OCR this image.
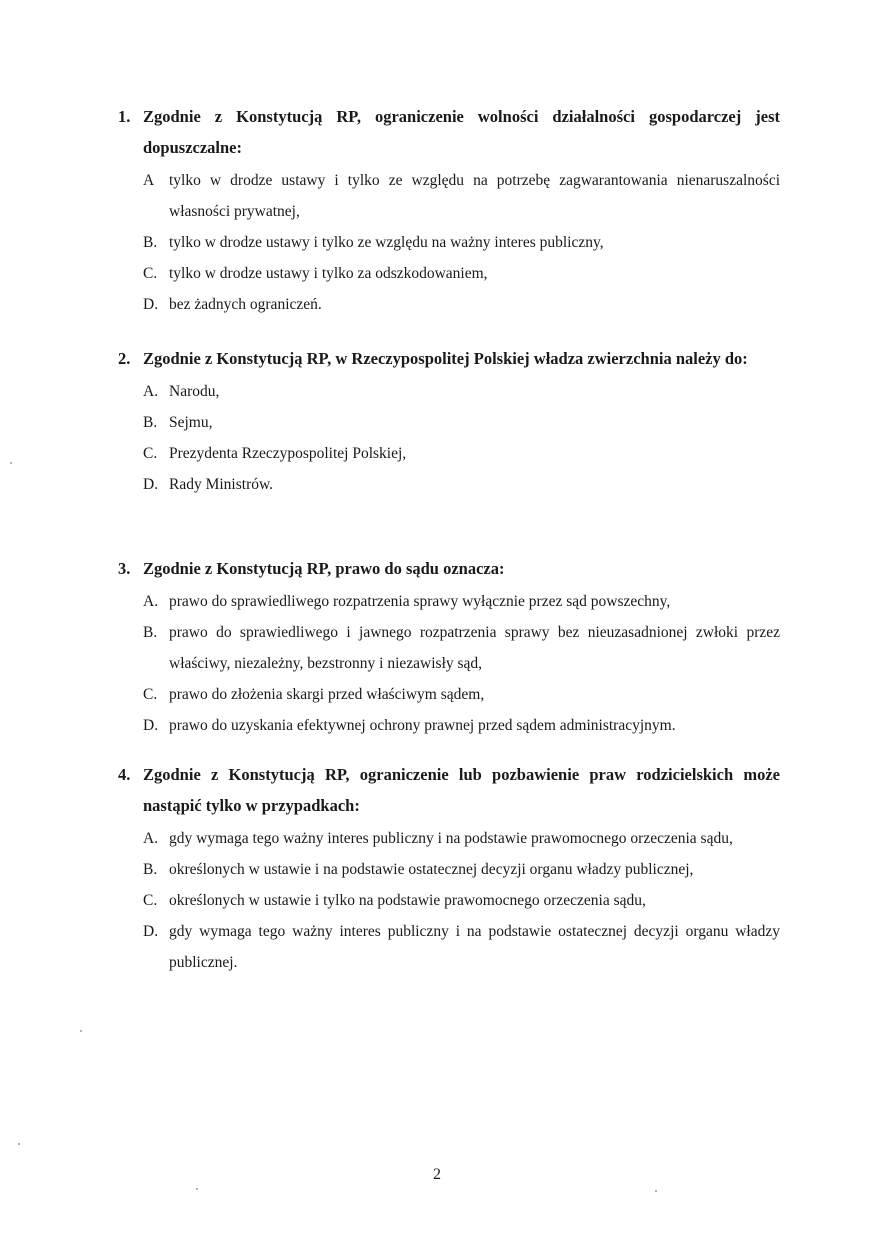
1. Zgodnie z Konstytucją RP, ograniczenie wolności działalności gospodarczej jest dopuszczalne:
A tylko w drodze ustawy i tylko ze względu na potrzebę zagwarantowania nienaruszalności własności prywatnej,
B. tylko w drodze ustawy i tylko ze względu na ważny interes publiczny,
C. tylko w drodze ustawy i tylko za odszkodowaniem,
D. bez żadnych ograniczeń.
2. Zgodnie z Konstytucją RP, w Rzeczypospolitej Polskiej władza zwierzchnia należy do:
A. Narodu,
B. Sejmu,
C. Prezydenta Rzeczypospolitej Polskiej,
D. Rady Ministrów.
3. Zgodnie z Konstytucją RP, prawo do sądu oznacza:
A. prawo do sprawiedliwego rozpatrzenia sprawy wyłącznie przez sąd powszechny,
B. prawo do sprawiedliwego i jawnego rozpatrzenia sprawy bez nieuzasadnionej zwłoki przez właściwy, niezależny, bezstronny i niezawisły sąd,
C. prawo do złożenia skargi przed właściwym sądem,
D. prawo do uzyskania efektywnej ochrony prawnej przed sądem administracyjnym.
4. Zgodnie z Konstytucją RP, ograniczenie lub pozbawienie praw rodzicielskich może nastąpić tylko w przypadkach:
A. gdy wymaga tego ważny interes publiczny i na podstawie prawomocnego orzeczenia sądu,
B. określonych w ustawie i na podstawie ostatecznej decyzji organu władzy publicznej,
C. określonych w ustawie i tylko na podstawie prawomocnego orzeczenia sądu,
D. gdy wymaga tego ważny interes publiczny i na podstawie ostatecznej decyzji organu władzy publicznej.
2
